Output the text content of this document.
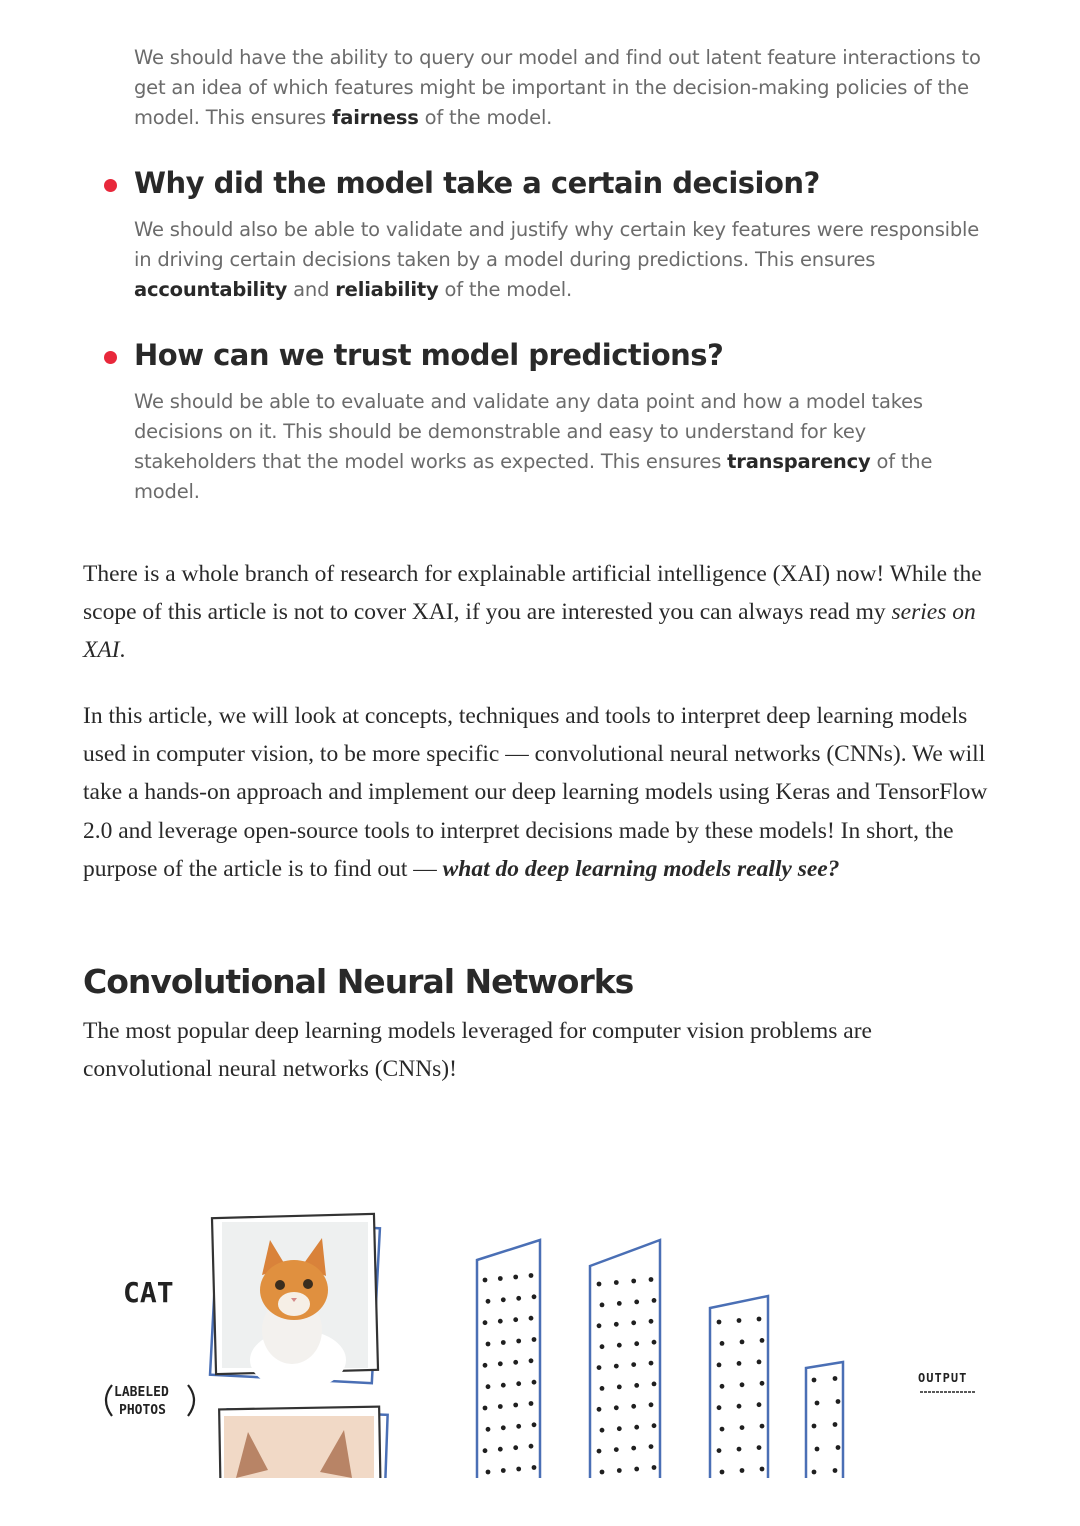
We should have the ability to query our model and find out latent feature interactions to get an idea of which features might be important in the decision-making policies of the model. This ensures fairness of the model.
Why did the model take a certain decision?
We should also be able to validate and justify why certain key features were responsible in driving certain decisions taken by a model during predictions. This ensures accountability and reliability of the model.
How can we trust model predictions?
We should be able to evaluate and validate any data point and how a model takes decisions on it. This should be demonstrable and easy to understand for key stakeholders that the model works as expected. This ensures transparency of the model.
There is a whole branch of research for explainable artificial intelligence (XAI) now! While the scope of this article is not to cover XAI, if you are interested you can always read my series on XAI.
In this article, we will look at concepts, techniques and tools to interpret deep learning models used in computer vision, to be more specific — convolutional neural networks (CNNs). We will take a hands-on approach and implement our deep learning models using Keras and TensorFlow 2.0 and leverage open-source tools to interpret decisions made by these models! In short, the purpose of the article is to find out — what do deep learning models really see?
Convolutional Neural Networks
The most popular deep learning models leveraged for computer vision problems are convolutional neural networks (CNNs)!
CAT
LABELED
PHOTOS
OUTPUT
